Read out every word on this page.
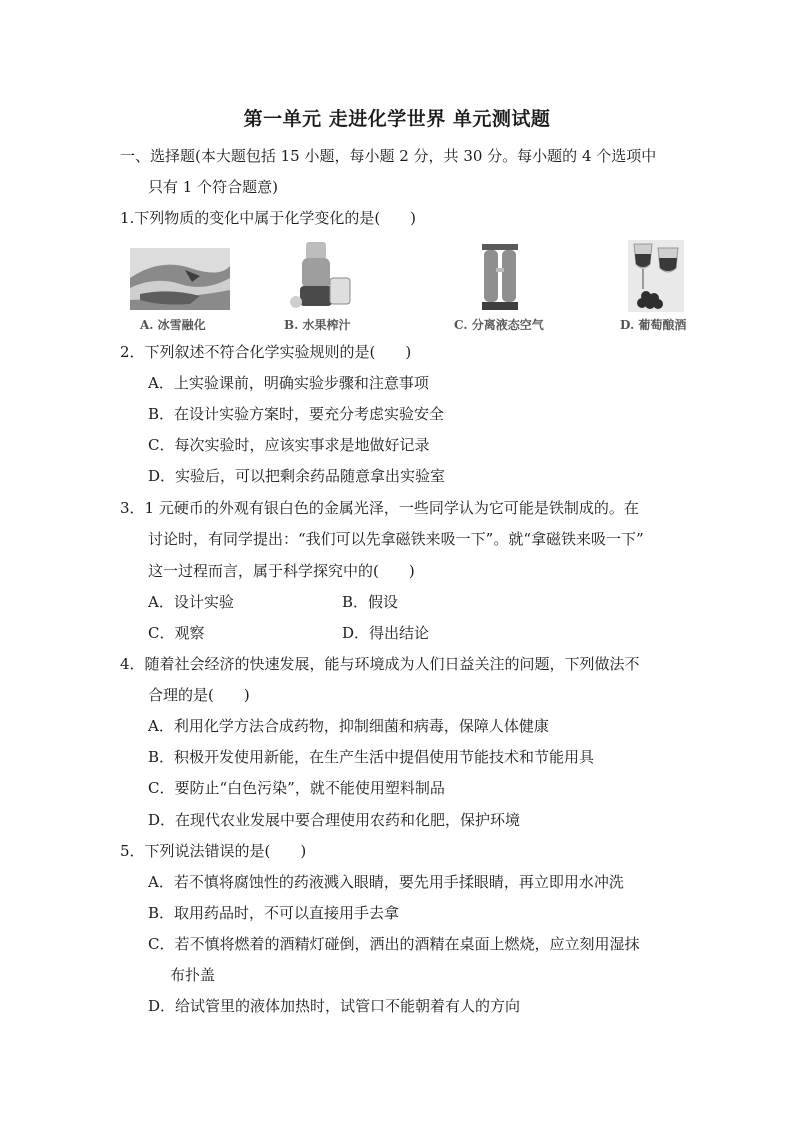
第一单元 走进化学世界 单元测试题
一、选择题(本大题包括 15 小题，每小题 2 分，共 30 分。每小题的 4 个选项中
只有 1 个符合题意)
1.下列物质的变化中属于化学变化的是(　　)
A. 冰雪融化	B. 水果榨汁	C. 分离液态空气	D. 葡萄酿酒
2．下列叙述不符合化学实验规则的是(　　)
A．上实验课前，明确实验步骤和注意事项
B．在设计实验方案时，要充分考虑实验安全
C．每次实验时，应该实事求是地做好记录
D．实验后，可以把剩余药品随意拿出实验室
3．1 元硬币的外观有银白色的金属光泽，一些同学认为它可能是铁制成的。在
讨论时，有同学提出：“我们可以先拿磁铁来吸一下”。就“拿磁铁来吸一下”
这一过程而言，属于科学探究中的(　　)
A．设计实验	B．假设
C．观察	D．得出结论
4．随着社会经济的快速发展，能与环境成为人们日益关注的问题，下列做法不
合理的是(　　)
A．利用化学方法合成药物，抑制细菌和病毒，保障人体健康
B．积极开发使用新能，在生产生活中提倡使用节能技术和节能用具
C．要防止“白色污染”，就不能使用塑料制品
D．在现代农业发展中要合理使用农药和化肥，保护环境
5．下列说法错误的是(　　)
A．若不慎将腐蚀性的药液溅入眼睛，要先用手揉眼睛，再立即用水冲洗
B．取用药品时，不可以直接用手去拿
C．若不慎将燃着的酒精灯碰倒，洒出的酒精在桌面上燃烧，应立刻用湿抹
布扑盖
D．给试管里的液体加热时，试管口不能朝着有人的方向
